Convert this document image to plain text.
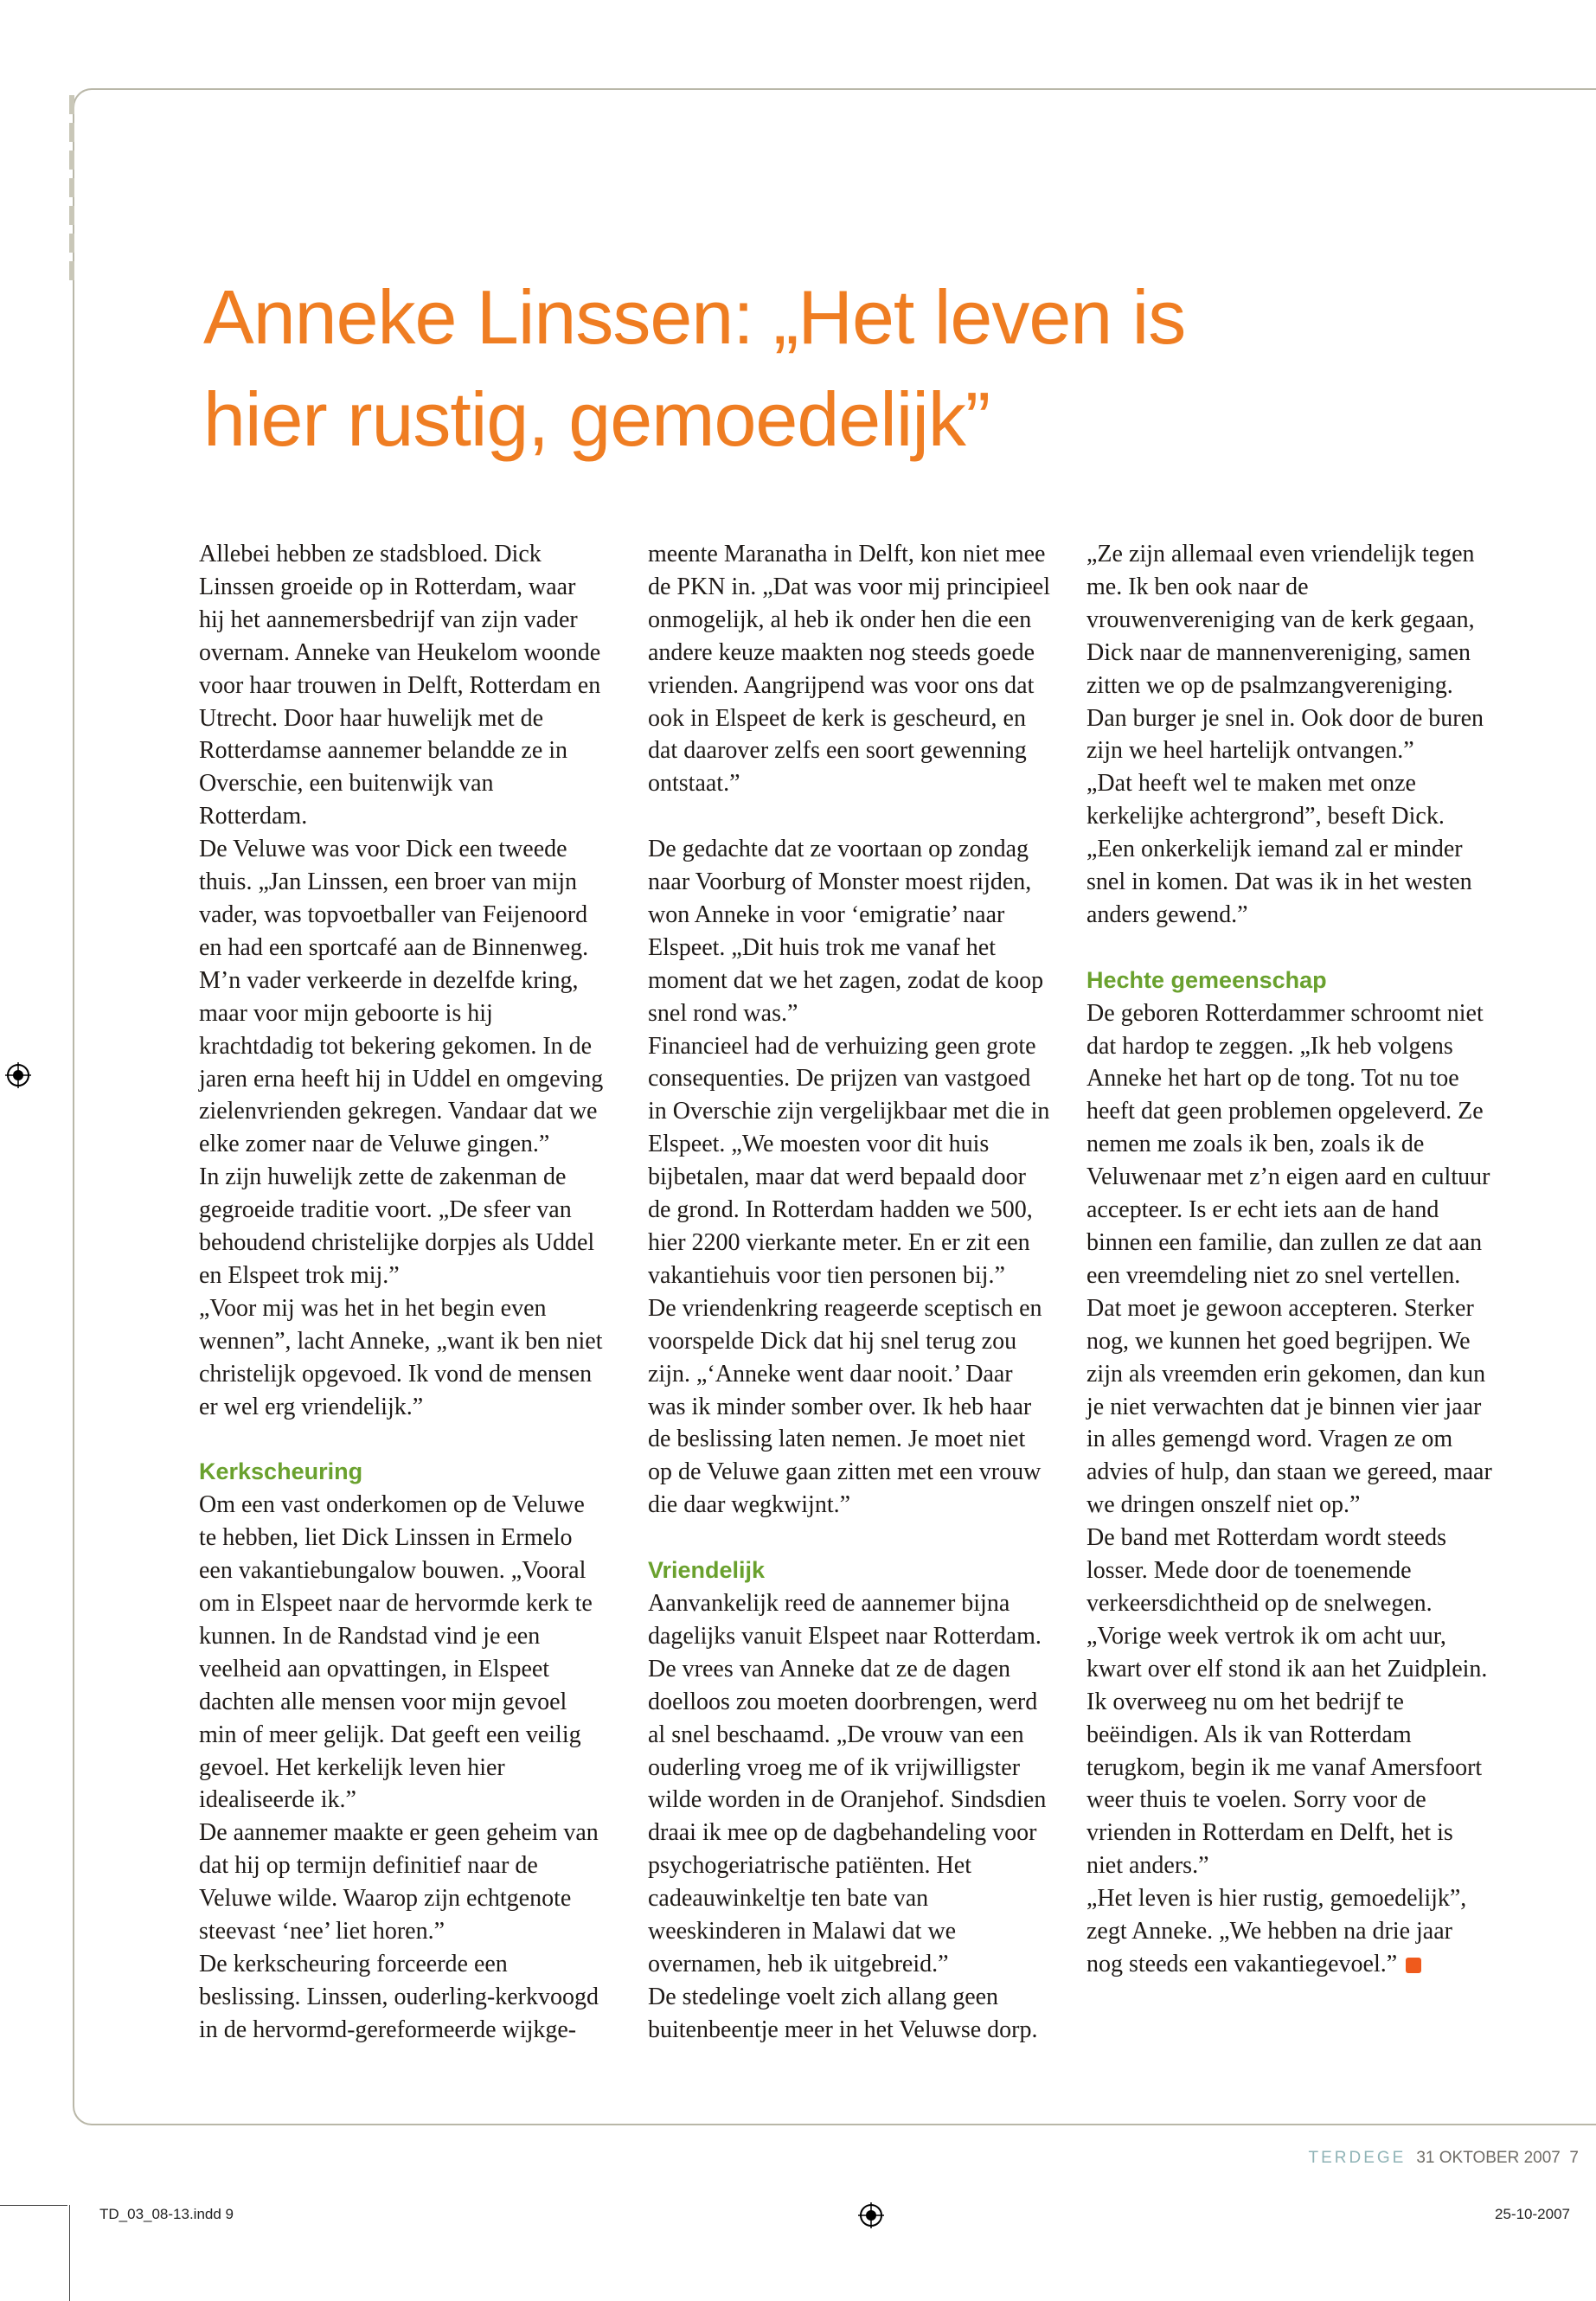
Anneke Linssen: „Het leven is hier rustig, gemoedelijk”

Allebei hebben ze stadsbloed. Dick Linssen groeide op in Rotterdam, waar hij het aannemersbedrijf van zijn vader overnam. Anneke van Heukelom woonde voor haar trouwen in Delft, Rotterdam en Utrecht. Door haar huwelijk met de Rotterdamse aannemer belandde ze in Overschie, een buitenwijk van Rotterdam.

De Veluwe was voor Dick een tweede thuis. „Jan Linssen, een broer van mijn vader, was topvoetballer van Feijenoord en had een sportcafé aan de Binnenweg. M’n vader verkeerde in dezelfde kring, maar voor mijn geboorte is hij krachtdadig tot bekering gekomen. In de jaren erna heeft hij in Uddel en omgeving zielenvrienden gekregen. Vandaar dat we elke zomer naar de Veluwe gingen.”

In zijn huwelijk zette de zakenman de gegroeide traditie voort. „De sfeer van behoudend christelijke dorpjes als Uddel en Elspeet trok mij.”

„Voor mij was het in het begin even wennen”, lacht Anneke, „want ik ben niet christelijk opgevoed. Ik vond de mensen er wel erg vriendelijk.”

Kerkscheuring

Om een vast onderkomen op de Veluwe te hebben, liet Dick Linssen in Ermelo een vakantiebungalow bouwen. „Vooral om in Elspeet naar de hervormde kerk te kunnen. In de Randstad vind je een veelheid aan opvattingen, in Elspeet dachten alle mensen voor mijn gevoel min of meer gelijk. Dat geeft een veilig gevoel. Het kerkelijk leven hier idealiseerde ik.”

De aannemer maakte er geen geheim van dat hij op termijn definitief naar de Veluwe wilde. Waarop zijn echtgenote steevast ‘nee’ liet horen.”

De kerkscheuring forceerde een beslissing. Linssen, ouderling-kerkvoogd in de hervormd-gereformeerde wijkge-

meente Maranatha in Delft, kon niet mee de PKN in. „Dat was voor mij principieel onmogelijk, al heb ik onder hen die een andere keuze maakten nog steeds goede vrienden. Aangrijpend was voor ons dat ook in Elspeet de kerk is gescheurd, en dat daarover zelfs een soort gewenning ontstaat.”

De gedachte dat ze voortaan op zondag naar Voorburg of Monster moest rijden, won Anneke in voor ‘emigratie’ naar Elspeet. „Dit huis trok me vanaf het moment dat we het zagen, zodat de koop snel rond was.”

Financieel had de verhuizing geen grote consequenties. De prijzen van vastgoed in Overschie zijn vergelijkbaar met die in Elspeet. „We moesten voor dit huis bijbetalen, maar dat werd bepaald door de grond. In Rotterdam hadden we 500, hier 2200 vierkante meter. En er zit een vakantiehuis voor tien personen bij.”

De vriendenkring reageerde sceptisch en voorspelde Dick dat hij snel terug zou zijn. „‘Anneke went daar nooit.’ Daar was ik minder somber over. Ik heb haar de beslissing laten nemen. Je moet niet op de Veluwe gaan zitten met een vrouw die daar wegkwijnt.”

Vriendelijk

Aanvankelijk reed de aannemer bijna dagelijks vanuit Elspeet naar Rotterdam. De vrees van Anneke dat ze de dagen doelloos zou moeten doorbrengen, werd al snel beschaamd. „De vrouw van een ouderling vroeg me of ik vrijwilligster wilde worden in de Oranjehof. Sindsdien draai ik mee op de dagbehandeling voor psychogeriatrische patiënten. Het cadeauwinkeltje ten bate van weeskinderen in Malawi dat we overnamen, heb ik uitgebreid.”

De stedelinge voelt zich allang geen buitenbeentje meer in het Veluwse dorp.

„Ze zijn allemaal even vriendelijk tegen me. Ik ben ook naar de vrouwenvereniging van de kerk gegaan, Dick naar de mannenvereniging, samen zitten we op de psalmzangvereniging. Dan burger je snel in. Ook door de buren zijn we heel hartelijk ontvangen.”

„Dat heeft wel te maken met onze kerkelijke achtergrond”, beseft Dick. „Een onkerkelijk iemand zal er minder snel in komen. Dat was ik in het westen anders gewend.”

Hechte gemeenschap

De geboren Rotterdammer schroomt niet dat hardop te zeggen. „Ik heb volgens Anneke het hart op de tong. Tot nu toe heeft dat geen problemen opgeleverd. Ze nemen me zoals ik ben, zoals ik de Veluwenaar met z’n eigen aard en cultuur accepteer. Is er echt iets aan de hand binnen een familie, dan zullen ze dat aan een vreemdeling niet zo snel vertellen. Dat moet je gewoon accepteren. Sterker nog, we kunnen het goed begrijpen. We zijn als vreemden erin gekomen, dan kun je niet verwachten dat je binnen vier jaar in alles gemengd word. Vragen ze om advies of hulp, dan staan we gereed, maar we dringen onszelf niet op.”

De band met Rotterdam wordt steeds losser. Mede door de toenemende verkeersdichtheid op de snelwegen. „Vorige week vertrok ik om acht uur, kwart over elf stond ik aan het Zuidplein. Ik overweeg nu om het bedrijf te beëindigen. Als ik van Rotterdam terugkom, begin ik me vanaf Amersfoort weer thuis te voelen. Sorry voor de vrienden in Rotterdam en Delft, het is niet anders.”

„Het leven is hier rustig, gemoedelijk”, zegt Anneke. „We hebben na drie jaar nog steeds een vakantiegevoel.”

TERDEGE 31 OKTOBER 2007 7
TD_03_08-13.indd 9	25-10-2007
